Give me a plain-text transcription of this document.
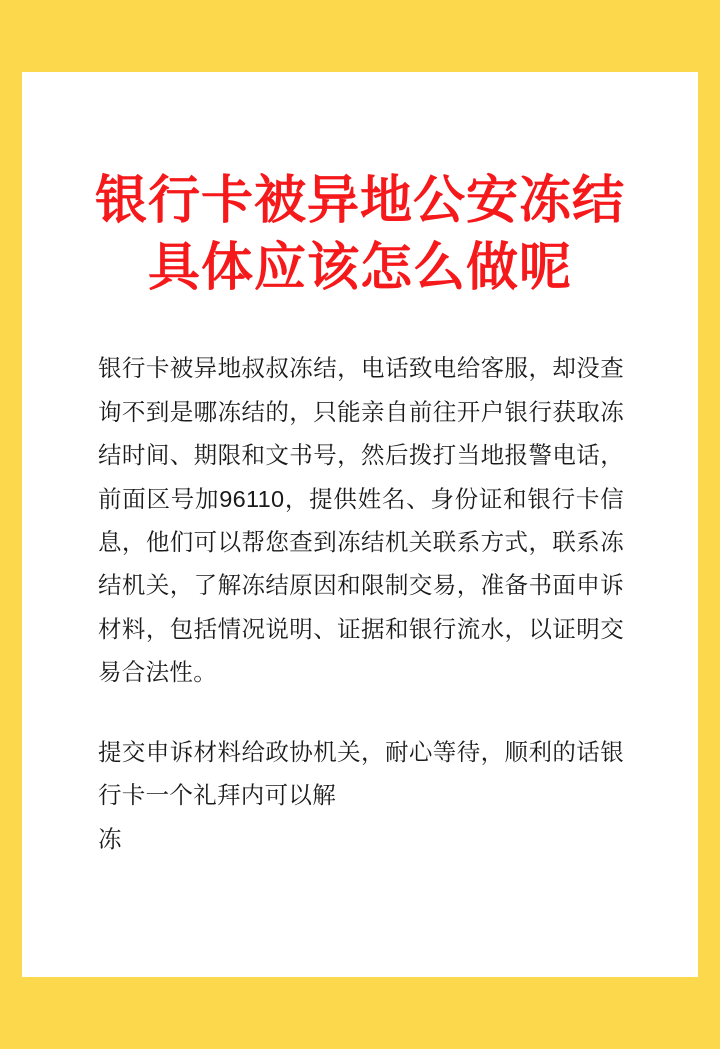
银行卡被异地公安冻结
具体应该怎么做呢

银行卡被异地叔叔冻结，电话致电给客服，却没查询不到是哪冻结的，只能亲自前往开户银行获取冻结时间、期限和文书号，然后拨打当地报警电话，前面区号加96110，提供姓名、身份证和银行卡信息，他们可以帮您查到冻结机关联系方式，联系冻结机关，了解冻结原因和限制交易，准备书面申诉材料，包括情况说明、证据和银行流水，以证明交易合法性。

提交申诉材料给政协机关，耐心等待，顺利的话银行卡一个礼拜内可以解

冻
